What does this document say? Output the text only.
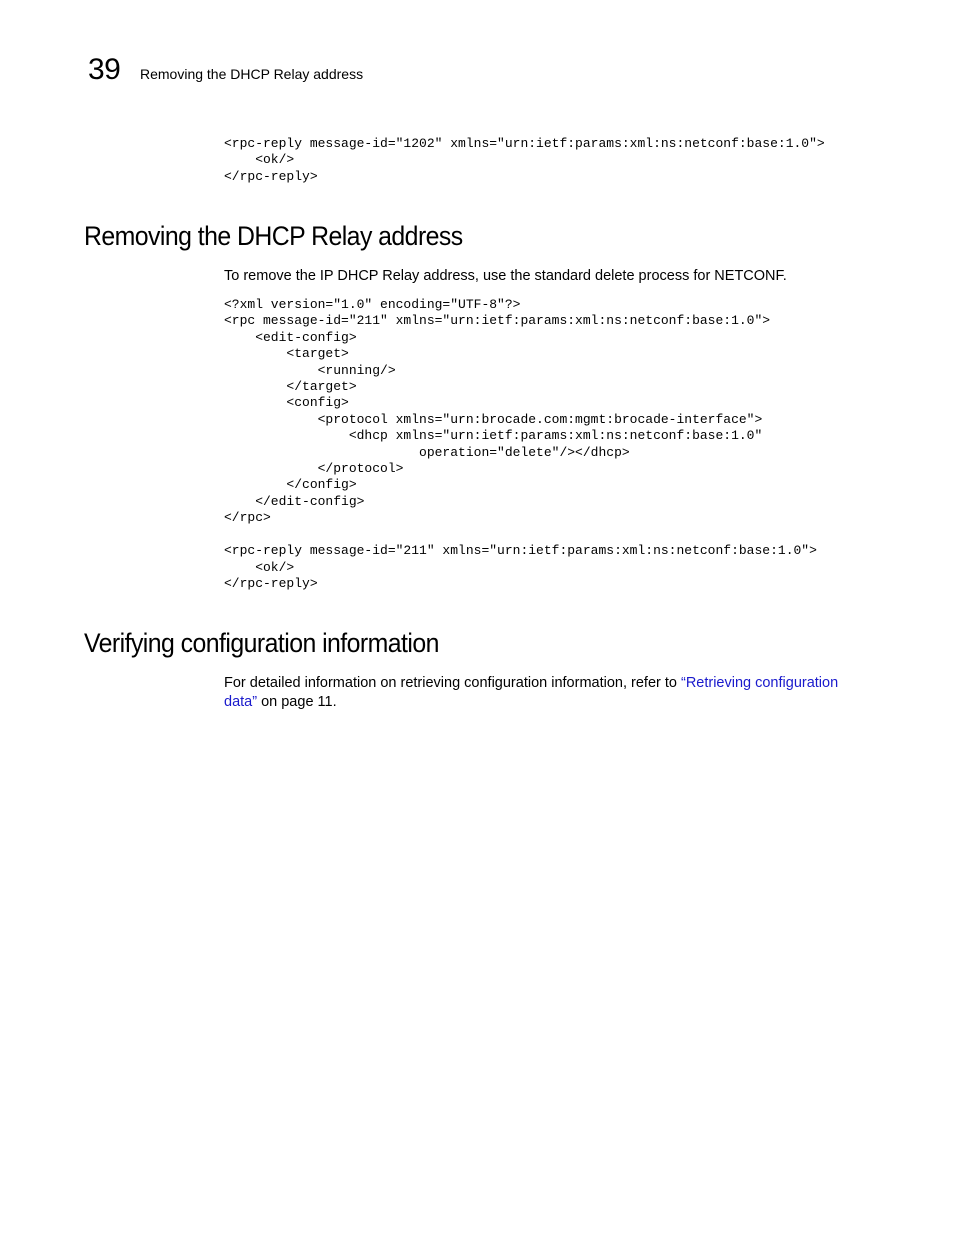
39 Removing the DHCP Relay address
<rpc-reply message-id="1202" xmlns="urn:ietf:params:xml:ns:netconf:base:1.0">
<ok/>
</rpc-reply>
Removing the DHCP Relay address

To remove the IP DHCP Relay address, use the standard delete process for NETCONF.

<?xml version="1.0" encoding="UTF-8"?>
<rpc message-id="211" xmlns="urn:ietf:params:xml:ns:netconf:base:1.0">
<edit-config>
<target>
<running/>
</target>
<config>
<protocol xmlns="urn:brocade.com:mgmt:brocade-interface">
<dhcp xmlns="urn:ietf:params:xml:ns:netconf:base:1.0"
operation="delete"/></dhcp>
</protocol>
</config>
</edit-config>
</rpc>

<rpc-reply message-id="211" xmlns="urn:ietf:params:xml:ns:netconf:base:1.0">
<ok/>
</rpc-reply>
Verifying configuration information

For detailed information on retrieving configuration information, refer to “Retrieving configuration data” on page 11.
